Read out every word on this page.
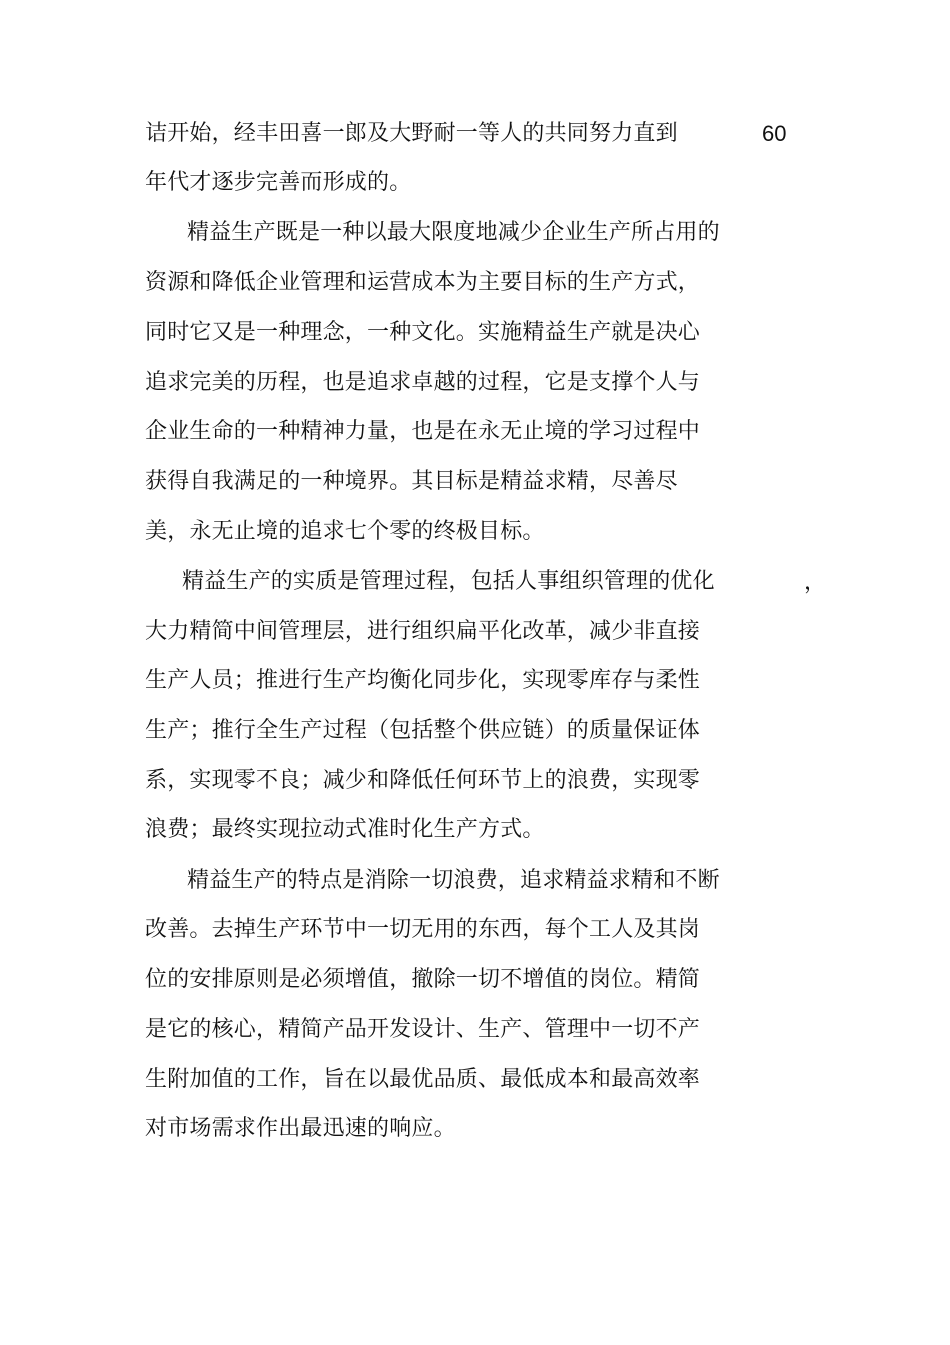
诘开始，经丰田喜一郎及大野耐一等人的共同努力直到	60
年代才逐步完善而形成的。
精益生产既是一种以最大限度地减少企业生产所占用的
资源和降低企业管理和运营成本为主要目标的生产方式，
同时它又是一种理念，一种文化。实施精益生产就是决心
追求完美的历程，也是追求卓越的过程，它是支撑个人与
企业生命的一种精神力量，也是在永无止境的学习过程中
获得自我满足的一种境界。其目标是精益求精，尽善尽
美，永无止境的追求七个零的终极目标。
精益生产的实质是管理过程，包括人事组织管理的优化	，
大力精简中间管理层，进行组织扁平化改革，减少非直接
生产人员；推进行生产均衡化同步化，实现零库存与柔性
生产；推行全生产过程（包括整个供应链）的质量保证体
系，实现零不良；减少和降低任何环节上的浪费，实现零
浪费；最终实现拉动式准时化生产方式。
精益生产的特点是消除一切浪费，追求精益求精和不断
改善。去掉生产环节中一切无用的东西，每个工人及其岗
位的安排原则是必须增值，撤除一切不增值的岗位。精简
是它的核心，精简产品开发设计、生产、管理中一切不产
生附加值的工作，旨在以最优品质、最低成本和最高效率
对市场需求作出最迅速的响应。
